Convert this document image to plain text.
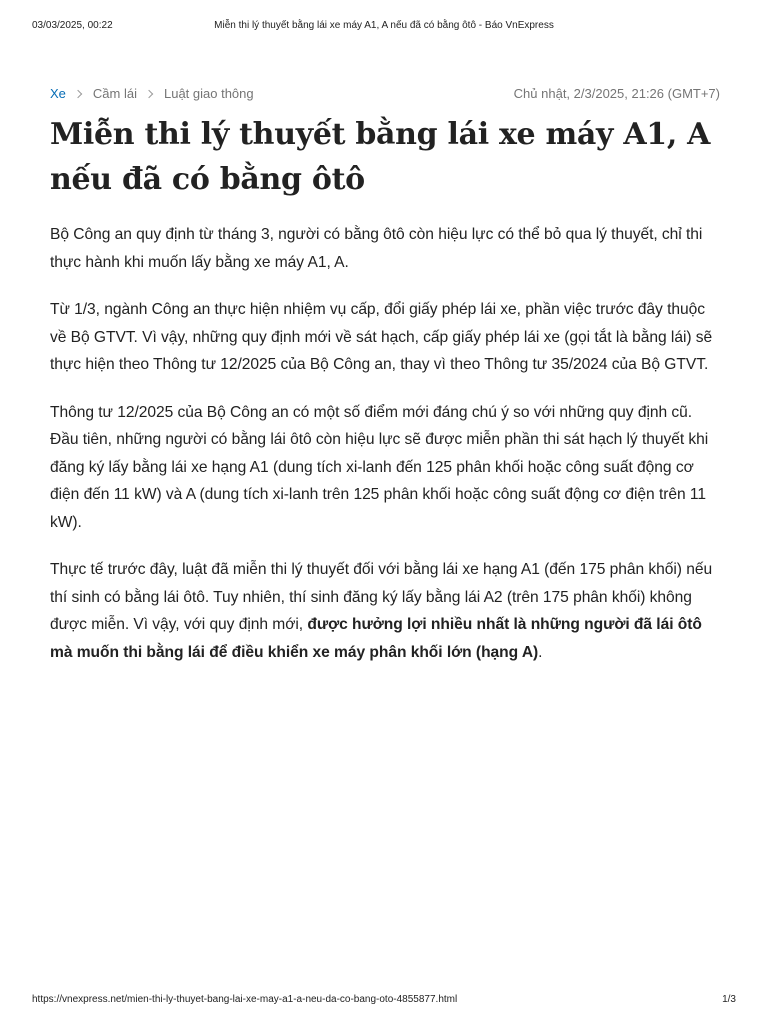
03/03/2025, 00:22	Miễn thi lý thuyết bằng lái xe máy A1, A nếu đã có bằng ôtô - Báo VnExpress
Xe Cầm lái Luật giao thông	Chủ nhật, 2/3/2025, 21:26 (GMT+7)
Miễn thi lý thuyết bằng lái xe máy A1, A nếu đã có bằng ôtô

Bộ Công an quy định từ tháng 3, người có bằng ôtô còn hiệu lực có thể bỏ qua lý thuyết, chỉ thi thực hành khi muốn lấy bằng xe máy A1, A.

Từ 1/3, ngành Công an thực hiện nhiệm vụ cấp, đổi giấy phép lái xe, phần việc trước đây thuộc về Bộ GTVT. Vì vậy, những quy định mới về sát hạch, cấp giấy phép lái xe (gọi tắt là bằng lái) sẽ thực hiện theo Thông tư 12/2025 của Bộ Công an, thay vì theo Thông tư 35/2024 của Bộ GTVT.

Thông tư 12/2025 của Bộ Công an có một số điểm mới đáng chú ý so với những quy định cũ. Đầu tiên, những người có bằng lái ôtô còn hiệu lực sẽ được miễn phần thi sát hạch lý thuyết khi đăng ký lấy bằng lái xe hạng A1 (dung tích xi-lanh đến 125 phân khối hoặc công suất động cơ điện đến 11 kW) và A (dung tích xi-lanh trên 125 phân khối hoặc công suất động cơ điện trên 11 kW).

Thực tế trước đây, luật đã miễn thi lý thuyết đối với bằng lái xe hạng A1 (đến 175 phân khối) nếu thí sinh có bằng lái ôtô. Tuy nhiên, thí sinh đăng ký lấy bằng lái A2 (trên 175 phân khối) không được miễn. Vì vậy, với quy định mới, được hưởng lợi nhiều nhất là những người đã lái ôtô mà muốn thi bằng lái để điều khiển xe máy phân khối lớn (hạng A).

https://vnexpress.net/mien-thi-ly-thuyet-bang-lai-xe-may-a1-a-neu-da-co-bang-oto-4855877.html	1/3
